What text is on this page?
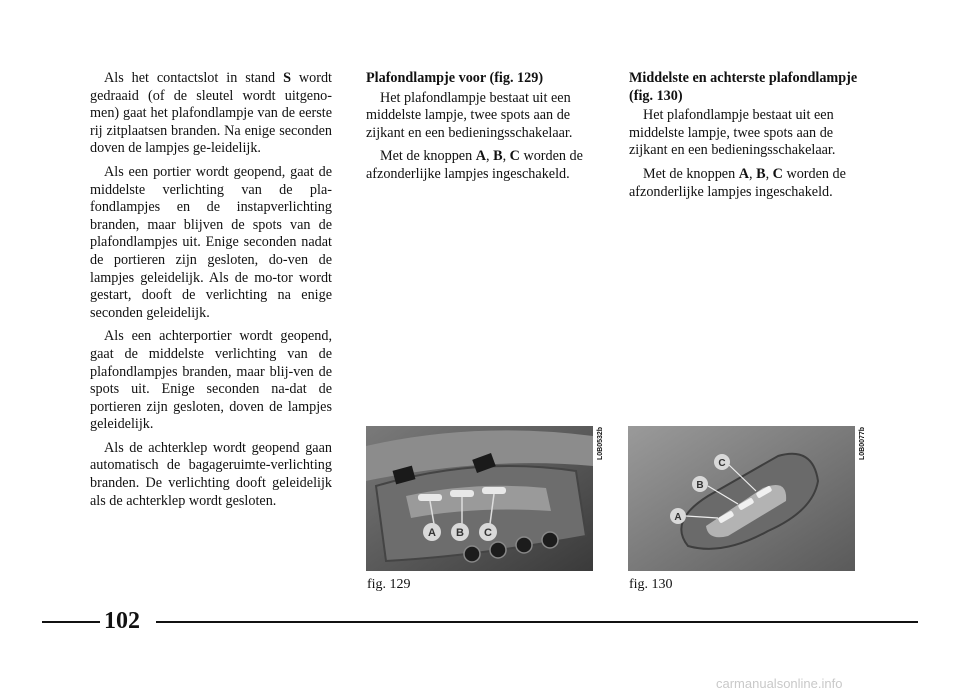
Als het contactslot in stand S wordt gedraaid (of de sleutel wordt uitgeno-men) gaat het plafondlampje van de eerste rij zitplaatsen branden. Na enige seconden doven de lampjes ge-leidelijk.

Als een portier wordt geopend, gaat de middelste verlichting van de pla-fondlampjes en de instapverlichting branden, maar blijven de spots van de plafondlampjes uit. Enige seconden nadat de portieren zijn gesloten, do-ven de lampjes geleidelijk. Als de mo-tor wordt gestart, dooft de verlichting na enige seconden geleidelijk.

Als een achterportier wordt geopend, gaat de middelste verlichting van de plafondlampjes branden, maar blij-ven de spots uit. Enige seconden na-dat de portieren zijn gesloten, doven de lampjes geleidelijk.

Als de achterklep wordt geopend gaan automatisch de bagageruimte-verlichting branden. De verlichting dooft geleidelijk als de achterklep wordt gesloten.

Plafondlampje voor (fig. 129)

Het plafondlampje bestaat uit een middelste lampje, twee spots aan de zijkant en een bedieningsschakelaar.

Met de knoppen A, B, C worden de afzonderlijke lampjes ingeschakeld.

Middelste en achterste plafondlampje (fig. 130)

Het plafondlampje bestaat uit een middelste lampje, twee spots aan de zijkant en een bedieningsschakelaar.

Met de knoppen A, B, C worden de afzonderlijke lampjes ingeschakeld.

A B C
L0B0532b
fig. 129
A
B
C
L0B0077b
fig. 130
102
carmanualsonline.info
